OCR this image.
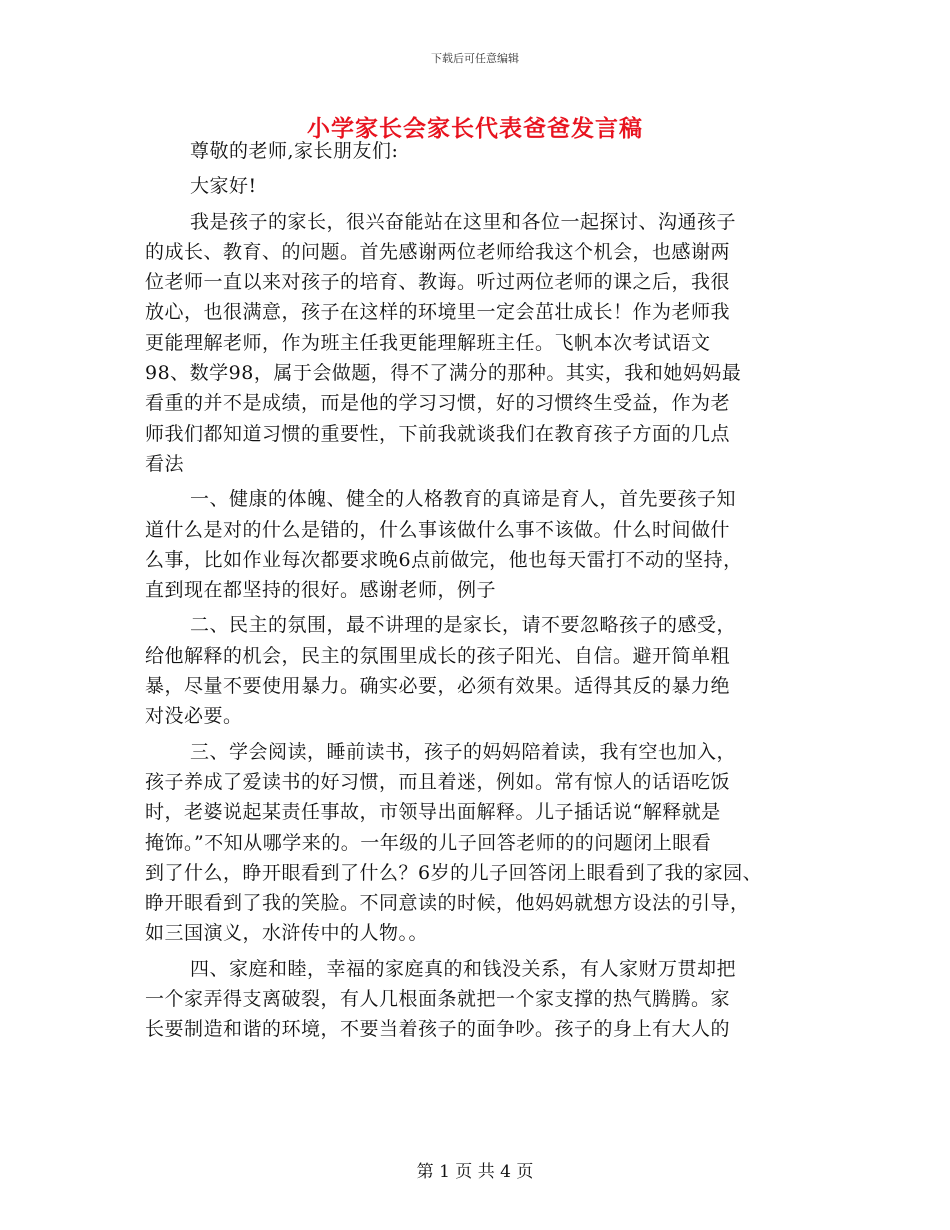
下载后可任意编辑
小学家长会家长代表爸爸发言稿
尊敬的老师,家长朋友们:
大家好!
我是孩子的家长，很兴奋能站在这里和各位一起探讨、沟通孩子
的成长、教育、的问题。首先感谢两位老师给我这个机会，也感谢两
位老师一直以来对孩子的培育、教诲。听过两位老师的课之后，我很
放心，也很满意，孩子在这样的环境里一定会茁壮成长！作为老师我
更能理解老师，作为班主任我更能理解班主任。飞帆本次考试语文
98、数学98，属于会做题，得不了满分的那种。其实，我和她妈妈最
看重的并不是成绩，而是他的学习习惯，好的习惯终生受益，作为老
师我们都知道习惯的重要性，下前我就谈我们在教育孩子方面的几点
看法
一、健康的体魄、健全的人格教育的真谛是育人，首先要孩子知
道什么是对的什么是错的，什么事该做什么事不该做。什么时间做什
么事，比如作业每次都要求晚6点前做完，他也每天雷打不动的坚持，
直到现在都坚持的很好。感谢老师，例子
二、民主的氛围，最不讲理的是家长，请不要忽略孩子的感受，
给他解释的机会，民主的氛围里成长的孩子阳光、自信。避开简单粗
暴，尽量不要使用暴力。确实必要，必须有效果。适得其反的暴力绝
对没必要。
三、学会阅读，睡前读书，孩子的妈妈陪着读，我有空也加入，
孩子养成了爱读书的好习惯，而且着迷，例如。常有惊人的话语吃饭
时，老婆说起某责任事故，市领导出面解释。儿子插话说“解释就是
掩饰。”不知从哪学来的。一年级的儿子回答老师的的问题闭上眼看
到了什么，睁开眼看到了什么？6岁的儿子回答闭上眼看到了我的家园、
睁开眼看到了我的笑脸。不同意读的时候，他妈妈就想方设法的引导，
如三国演义，水浒传中的人物。。
四、家庭和睦，幸福的家庭真的和钱没关系，有人家财万贯却把
一个家弄得支离破裂，有人几根面条就把一个家支撑的热气腾腾。家
长要制造和谐的环境，不要当着孩子的面争吵。孩子的身上有大人的
第 1 页 共 4 页
